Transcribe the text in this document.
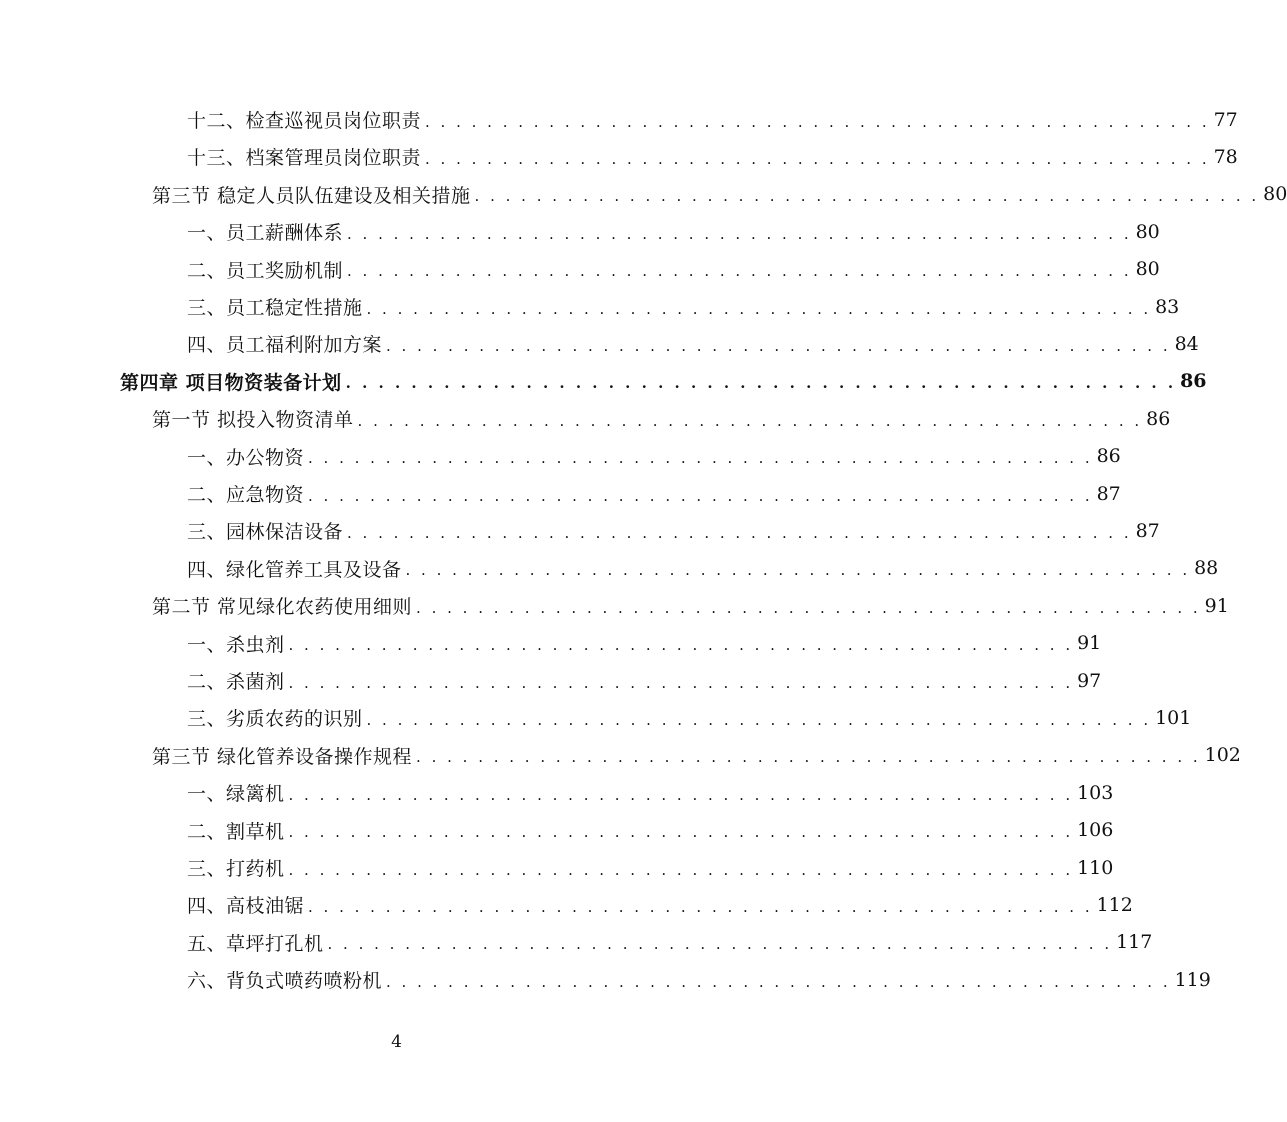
十二、检查巡视员岗位职责 . . . . . . . . . . . . . . . . . . . . . . . . . . . . . . . . . . . . . . . . . . . . . . . . . . . 77
十三、档案管理员岗位职责 . . . . . . . . . . . . . . . . . . . . . . . . . . . . . . . . . . . . . . . . . . . . . . . . . . . 78
第三节 稳定人员队伍建设及相关措施 . . . . . . . . . . . . . . . . . . . . . . . . . . . . . . . . . . . . . . . . . . . . . . . . . . . 80
一、员工薪酬体系 . . . . . . . . . . . . . . . . . . . . . . . . . . . . . . . . . . . . . . . . . . . . . . . . . . . 80
二、员工奖励机制 . . . . . . . . . . . . . . . . . . . . . . . . . . . . . . . . . . . . . . . . . . . . . . . . . . . 80
三、员工稳定性措施 . . . . . . . . . . . . . . . . . . . . . . . . . . . . . . . . . . . . . . . . . . . . . . . . . . . 83
四、员工福利附加方案 . . . . . . . . . . . . . . . . . . . . . . . . . . . . . . . . . . . . . . . . . . . . . . . . . . . 84
第四章 项目物资装备计划 . . . . . . . . . . . . . . . . . . . . . . . . . . . . . . . . . . . . . . . . . . . . . . . . . . . 86
第一节 拟投入物资清单 . . . . . . . . . . . . . . . . . . . . . . . . . . . . . . . . . . . . . . . . . . . . . . . . . . . 86
一、办公物资 . . . . . . . . . . . . . . . . . . . . . . . . . . . . . . . . . . . . . . . . . . . . . . . . . . . 86
二、应急物资 . . . . . . . . . . . . . . . . . . . . . . . . . . . . . . . . . . . . . . . . . . . . . . . . . . . 87
三、园林保洁设备 . . . . . . . . . . . . . . . . . . . . . . . . . . . . . . . . . . . . . . . . . . . . . . . . . . . 87
四、绿化管养工具及设备 . . . . . . . . . . . . . . . . . . . . . . . . . . . . . . . . . . . . . . . . . . . . . . . . . . . 88
第二节 常见绿化农药使用细则 . . . . . . . . . . . . . . . . . . . . . . . . . . . . . . . . . . . . . . . . . . . . . . . . . . . 91
一、杀虫剂 . . . . . . . . . . . . . . . . . . . . . . . . . . . . . . . . . . . . . . . . . . . . . . . . . . . 91
二、杀菌剂 . . . . . . . . . . . . . . . . . . . . . . . . . . . . . . . . . . . . . . . . . . . . . . . . . . . 97
三、劣质农药的识别 . . . . . . . . . . . . . . . . . . . . . . . . . . . . . . . . . . . . . . . . . . . . . . . . . . . 101
第三节 绿化管养设备操作规程 . . . . . . . . . . . . . . . . . . . . . . . . . . . . . . . . . . . . . . . . . . . . . . . . . . . 102
一、绿篱机 . . . . . . . . . . . . . . . . . . . . . . . . . . . . . . . . . . . . . . . . . . . . . . . . . . . 103
二、割草机 . . . . . . . . . . . . . . . . . . . . . . . . . . . . . . . . . . . . . . . . . . . . . . . . . . . 106
三、打药机 . . . . . . . . . . . . . . . . . . . . . . . . . . . . . . . . . . . . . . . . . . . . . . . . . . . 110
四、高枝油锯 . . . . . . . . . . . . . . . . . . . . . . . . . . . . . . . . . . . . . . . . . . . . . . . . . . . 112
五、草坪打孔机 . . . . . . . . . . . . . . . . . . . . . . . . . . . . . . . . . . . . . . . . . . . . . . . . . . . 117
六、背负式喷药喷粉机 . . . . . . . . . . . . . . . . . . . . . . . . . . . . . . . . . . . . . . . . . . . . . . . . . . . 119
4
